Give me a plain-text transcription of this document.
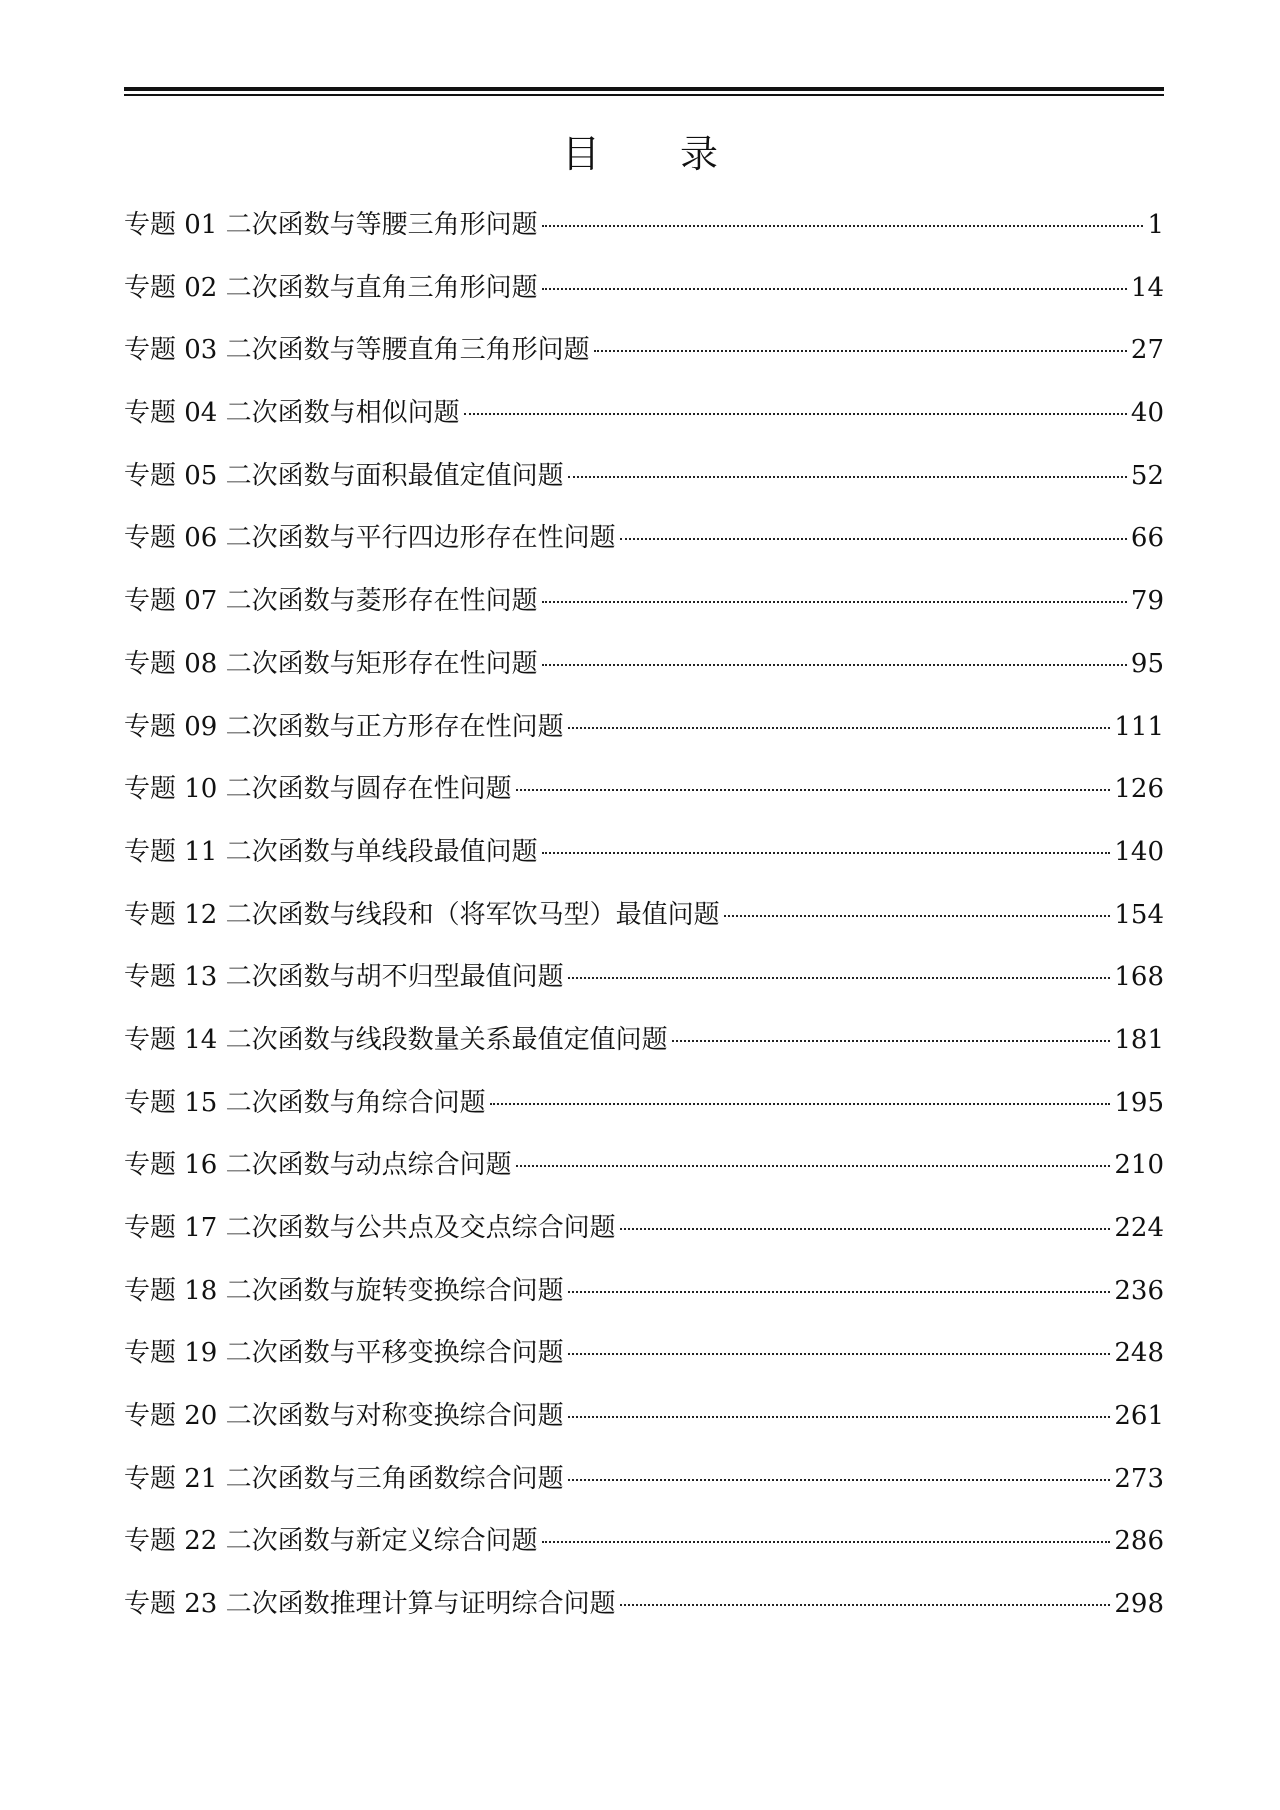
目 录
专题 01 二次函数与等腰三角形问题	1
专题 02 二次函数与直角三角形问题	14
专题 03 二次函数与等腰直角三角形问题	27
专题 04 二次函数与相似问题	40
专题 05 二次函数与面积最值定值问题	52
专题 06 二次函数与平行四边形存在性问题	66
专题 07 二次函数与菱形存在性问题	79
专题 08 二次函数与矩形存在性问题	95
专题 09 二次函数与正方形存在性问题	111
专题 10 二次函数与圆存在性问题	126
专题 11 二次函数与单线段最值问题	140
专题 12 二次函数与线段和（将军饮马型）最值问题	154
专题 13 二次函数与胡不归型最值问题	168
专题 14 二次函数与线段数量关系最值定值问题	181
专题 15 二次函数与角综合问题	195
专题 16 二次函数与动点综合问题	210
专题 17 二次函数与公共点及交点综合问题	224
专题 18 二次函数与旋转变换综合问题	236
专题 19 二次函数与平移变换综合问题	248
专题 20 二次函数与对称变换综合问题	261
专题 21 二次函数与三角函数综合问题	273
专题 22 二次函数与新定义综合问题	286
专题 23 二次函数推理计算与证明综合问题	298
